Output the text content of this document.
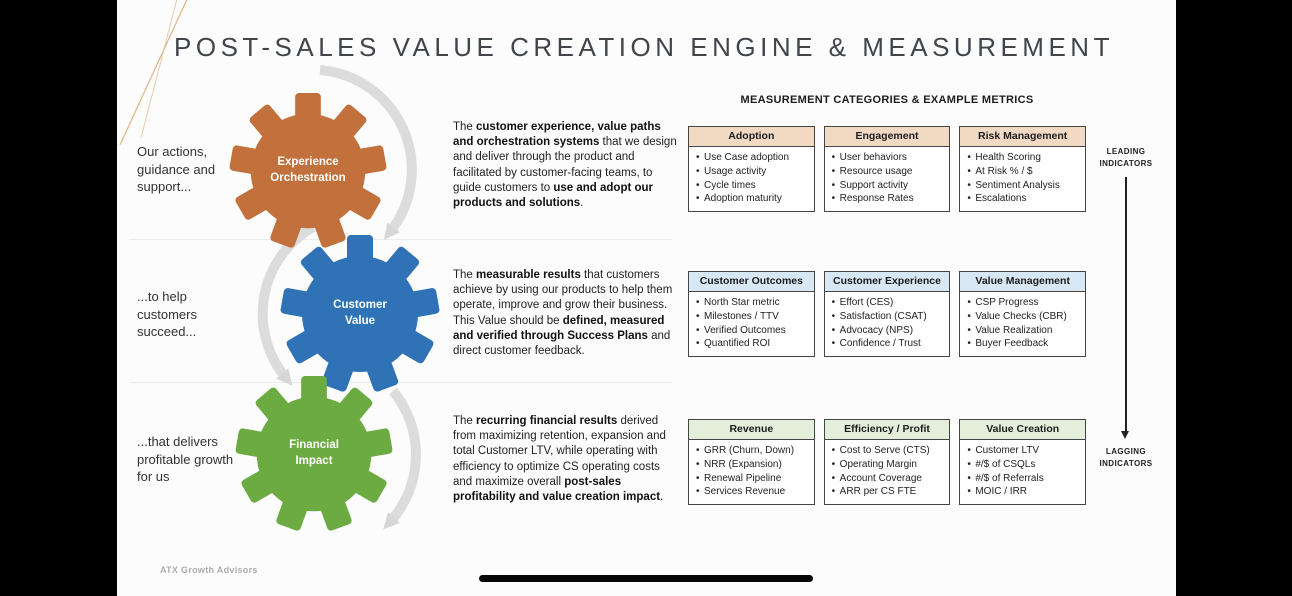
POST-SALES VALUE CREATION ENGINE & MEASUREMENT
Our actions, guidance and support...
...to help customers succeed...
...that delivers profitable growth for us
Experience
Orchestration
Customer
Value
Financial
Impact

The customer experience, value paths and orchestration systems that we design and deliver through the product and facilitated by customer-facing teams, to guide customers to use and adopt our products and solutions.

The measurable results that customers achieve by using our products to help them operate, improve and grow their business. This Value should be defined, measured and verified through Success Plans and direct customer feedback.

The recurring financial results derived from maximizing retention, expansion and total Customer LTV, while operating with efficiency to optimize CS operating costs and maximize overall post-sales profitability and value creation impact.

MEASUREMENT CATEGORIES & EXAMPLE METRICS
Adoption
• Use Case adoption
• Usage activity
• Cycle times
• Adoption maturity
Engagement
• User behaviors
• Resource usage
• Support activity
• Response Rates
Risk Management
• Health Scoring
• At Risk % / $
• Sentiment Analysis
• Escalations
Customer Outcomes
• North Star metric
• Milestones / TTV
• Verified Outcomes
• Quantified ROI
Customer Experience
• Effort (CES)
• Satisfaction (CSAT)
• Advocacy (NPS)
• Confidence / Trust
Value Management
• CSP Progress
• Value Checks (CBR)
• Value Realization
• Buyer Feedback
Revenue
• GRR (Churn, Down)
• NRR (Expansion)
• Renewal Pipeline
• Services Revenue
Efficiency / Profit
• Cost to Serve (CTS)
• Operating Margin
• Account Coverage
• ARR per CS FTE
Value Creation
• Customer LTV
• #/$ of CSQLs
• #/$ of Referrals
• MOIC / IRR
LEADING INDICATORS
LAGGING INDICATORS
ATX Growth Advisors
